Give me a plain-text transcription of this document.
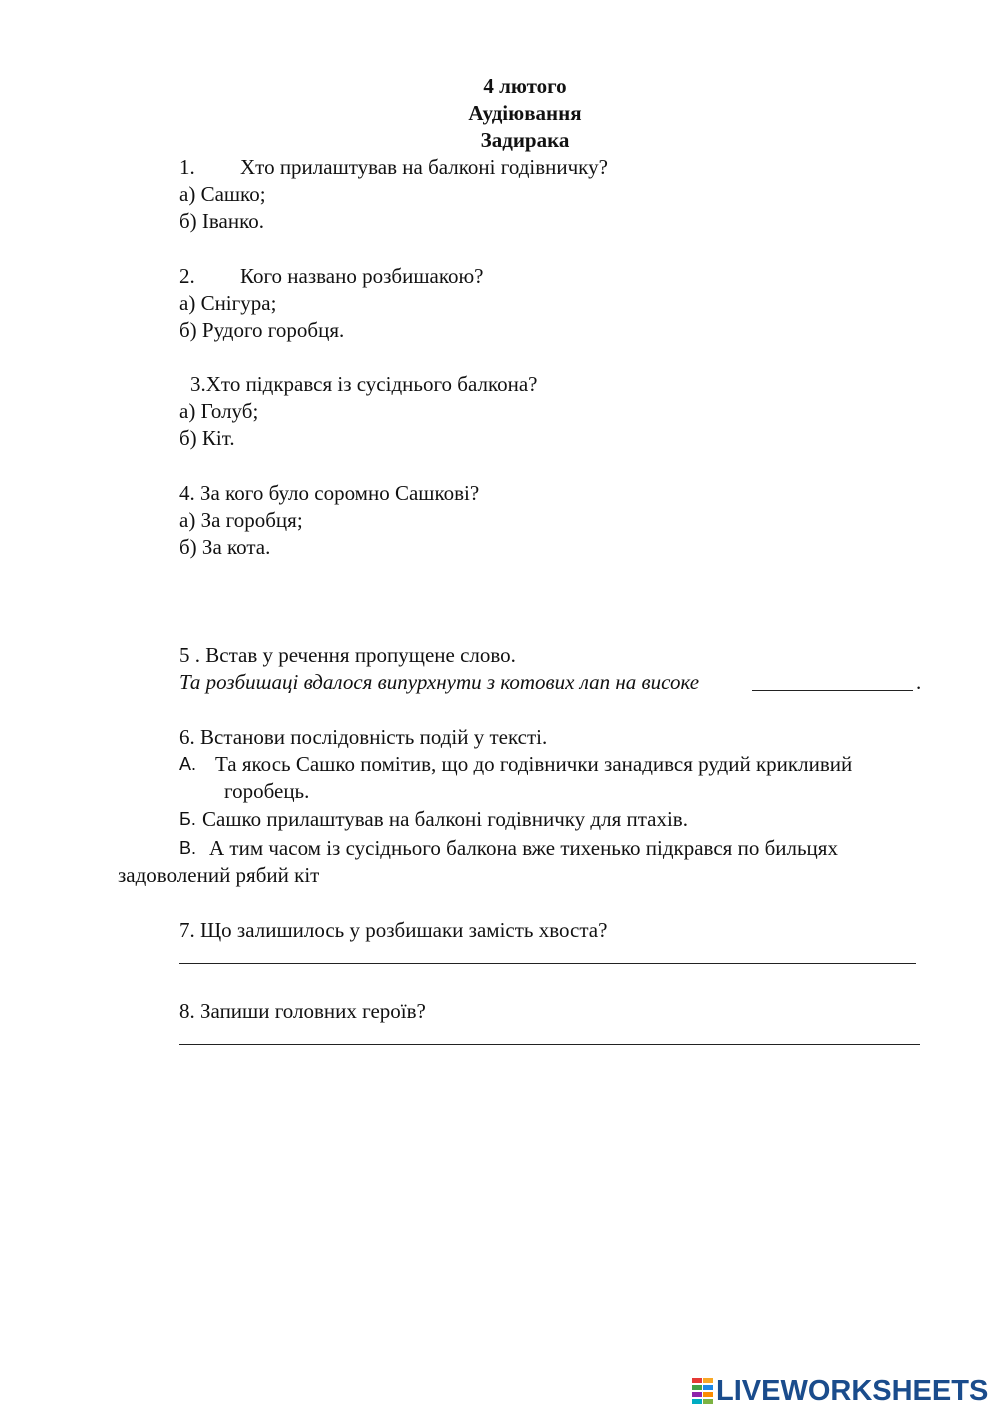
4 лютого
Аудіювання
Задирака
1. Хто прилаштував на балконі годівничку?
а) Сашко;
б) Іванко.
2. Кого названо розбишакою?
а) Снігура;
б) Рудого горобця.
3.Хто підкрався із сусіднього балкона?
а) Голуб;
б) Кіт.
4. За кого було соромно Сашкові?
а) За горобця;
б) За кота.
5 . Встав у речення пропущене слово.
Та розбишаці вдалося випурхнути з котових лап на високе	.
6. Встанови послідовність подій у тексті.
А. Та якось Сашко помітив, що до годівнички занадився рудий крикливий
горобець.
Б. Сашко прилаштував на балконі годівничку для птахів.
В. А тим часом із сусіднього балкона вже тихенько підкрався по бильцях
задоволений рябий кіт
7. Що залишилось у розбишаки замість хвоста?
8. Запиши головних героїв?
LIVEWORKSHEETS
